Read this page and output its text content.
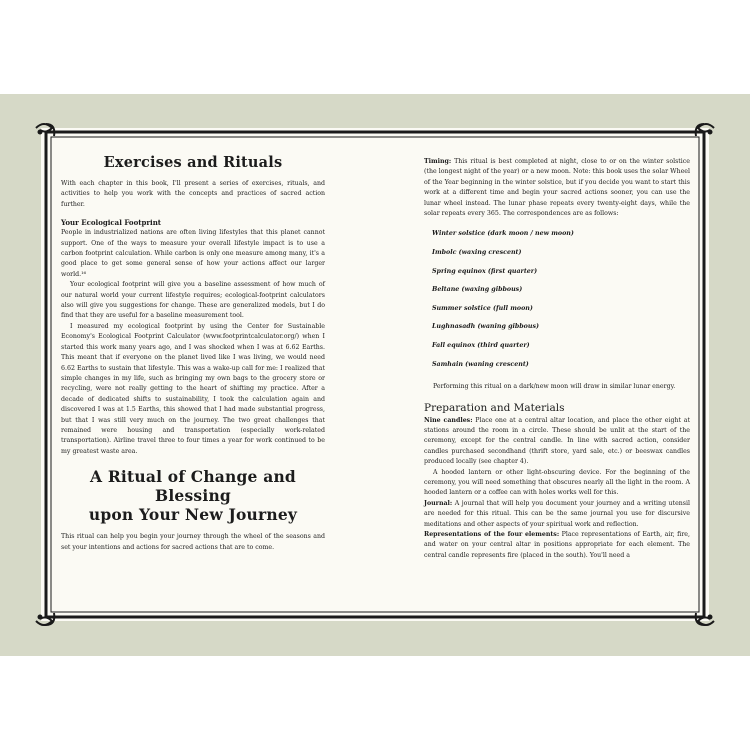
Exercises and Rituals

With each chapter in this book, I'll present a series of exercises, rituals, and activities to help you work with the concepts and practices of sacred action further.

Your Ecological Footprint

People in industrialized nations are often living lifestyles that this planet cannot support. One of the ways to measure your overall lifestyle impact is to use a carbon footprint calculation. While carbon is only one measure among many, it's a good place to get some general sense of how your actions affect our larger world.¹⁶

Your ecological footprint will give you a baseline assessment of how much of our natural world your current lifestyle requires; ecological-footprint calculators also will give you suggestions for change. These are generalized models, but I do find that they are useful for a baseline measurement tool.

I measured my ecological footprint by using the Center for Sustainable Economy's Ecological Footprint Calculator (www.footprintcalculator.org/) when I started this work many years ago, and I was shocked when I was at 6.62 Earths. This meant that if everyone on the planet lived like I was living, we would need 6.62 Earths to sustain that lifestyle. This was a wake-up call for me: I realized that simple changes in my life, such as bringing my own bags to the grocery store or recycling, were not really getting to the heart of shifting my practice. After a decade of dedicated shifts to sustainability, I took the calculation again and discovered I was at 1.5 Earths, this showed that I had made substantial progress, but that I was still very much on the journey. The two great challenges that remained were housing and transportation (especially work-related transportation). Airline travel three to four times a year for work continued to be my greatest waste area.

A Ritual of Change and Blessing
upon Your New Journey

This ritual can help you begin your journey through the wheel of the seasons and set your intentions and actions for sacred actions that are to come.

Timing: This ritual is best completed at night, close to or on the winter solstice (the longest night of the year) or a new moon. Note: this book uses the solar Wheel of the Year beginning in the winter solstice, but if you decide you want to start this work at a different time and begin your sacred actions sooner, you can use the lunar wheel instead. The lunar phase repeats every twenty-eight days, while the solar repeats every 365. The correspondences are as follows:

Winter solstice (dark moon / new moon)
Imbolc (waxing crescent)
Spring equinox (first quarter)
Beltane (waxing gibbous)
Summer solstice (full moon)
Lughnasadh (waning gibbous)
Fall equinox (third quarter)
Samhain (waning crescent)

Performing this ritual on a dark/new moon will draw in similar lunar energy.

Preparation and Materials

Nine candles: Place one at a central altar location, and place the other eight at stations around the room in a circle. These should be unlit at the start of the ceremony, except for the central candle. In line with sacred action, consider candles purchased secondhand (thrift store, yard sale, etc.) or beeswax candles produced locally (see chapter 4).

A hooded lantern or other light-obscuring device. For the beginning of the ceremony, you will need something that obscures nearly all the light in the room. A hooded lantern or a coffee can with holes works well for this.

Journal: A journal that will help you document your journey and a writing utensil are needed for this ritual. This can be the same journal you use for discursive meditations and other aspects of your spiritual work and reflection.

Representations of the four elements: Place representations of Earth, air, fire, and water on your central altar in positions appropriate for each element. The central candle represents fire (placed in the south). You'll need a
